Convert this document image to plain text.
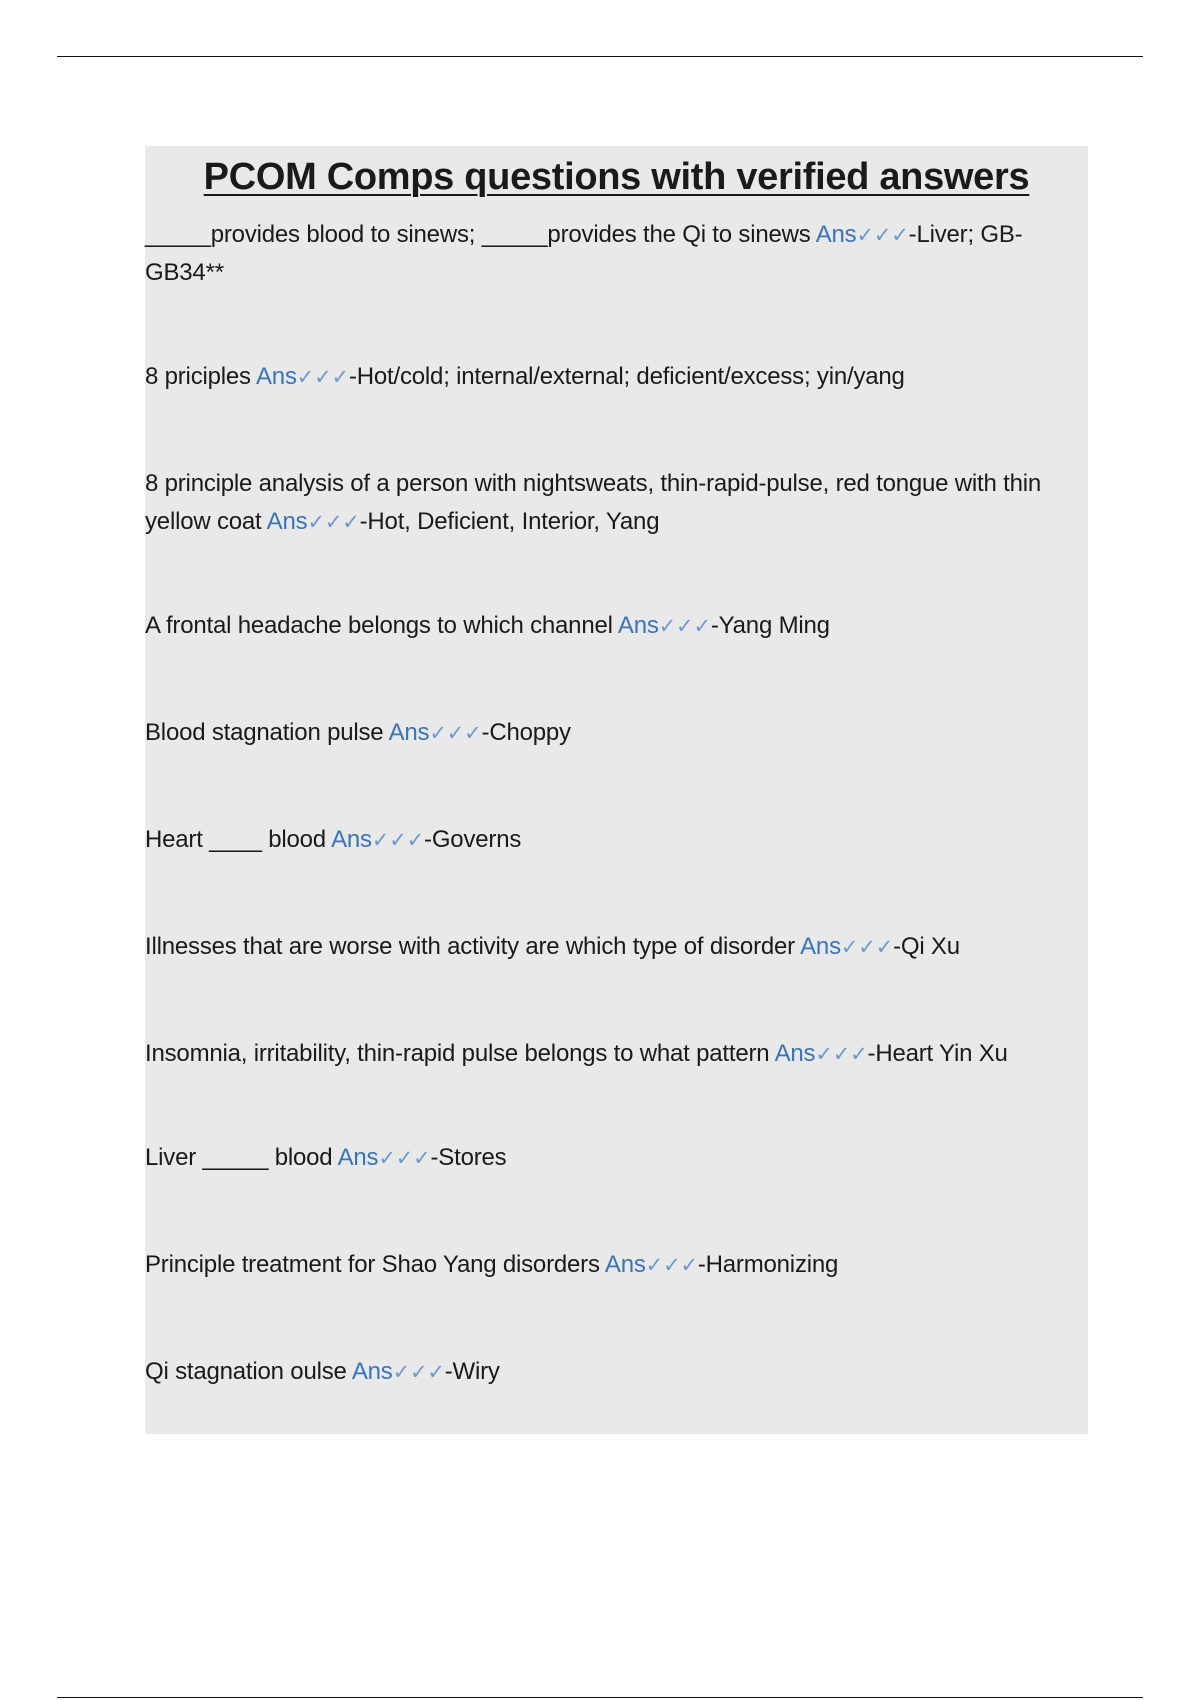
PCOM Comps questions with verified answers
_____provides blood to sinews; _____provides the Qi to sinews Ans✓✓✓-Liver; GB-GB34**
8 priciples Ans✓✓✓-Hot/cold; internal/external; deficient/excess; yin/yang
8 principle analysis of a person with nightsweats, thin-rapid-pulse, red tongue with thin yellow coat Ans✓✓✓-Hot, Deficient, Interior, Yang
A frontal headache belongs to which channel Ans✓✓✓-Yang Ming
Blood stagnation pulse Ans✓✓✓-Choppy
Heart ____ blood Ans✓✓✓-Governs
Illnesses that are worse with activity are which type of disorder Ans✓✓✓-Qi Xu
Insomnia, irritability, thin-rapid pulse belongs to what pattern Ans✓✓✓-Heart Yin Xu
Liver _____ blood Ans✓✓✓-Stores
Principle treatment for Shao Yang disorders Ans✓✓✓-Harmonizing
Qi stagnation oulse Ans✓✓✓-Wiry
